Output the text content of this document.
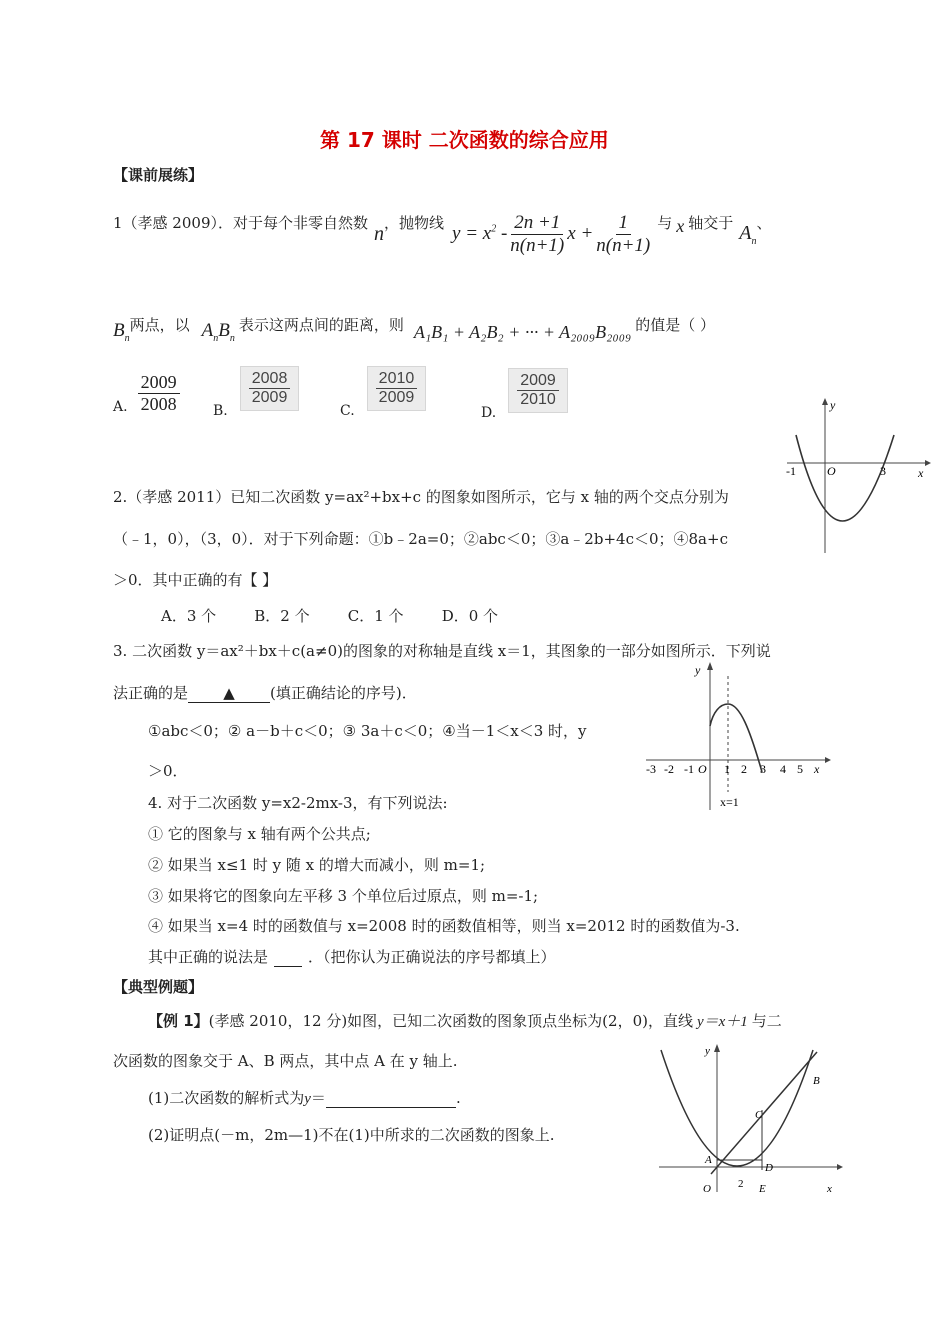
第 17 课时 二次函数的综合应用
【课前展练】
1（孝感 2009）．对于每个非零自然数 n ，抛物线
$y = x^2 - \frac{2n +1}{n(n+1)}$ $x + \frac{1}{n(n+1)}$ 与 x 轴交于 $A_n$
、
$B_n$
两点，以 $A_nB_n$
表示这两点间的距离，则 A₁B₁ + A₂B₂ + ··· + A₂₀₀₉B₂₀₀₉ 的值是（ ）
A. $\frac{2009}{2008} B$. $\frac{2008}{2009}$	C. $\frac{2010}{2009}$
D. $\frac{2009}{2010}$	y
x
O
-1	3
2.（孝感 2011）已知二次函数 y=ax²+bx+c 的图象如图所示，它与 x 轴的两个交点分别为
（﹣1，0），（3，0）．对于下列命题：①b﹣2a=0；②abc＜0；③a﹣2b+4c＜0；④8a+c
＞0．其中正确的有【 】
A．3 个        B．2 个        C．1 个        D．0 个
3. 二次函数 y＝ax²＋bx＋c(a≠0)的图象的对称轴是直线 x＝1，其图象的一部分如图所示．下列说
法正确的是 ▲ (填正确结论的序号)．
①abc＜0；② a－b＋c＜0；③ 3a＋c＜0；④当－1＜x＜3 时，y
＞0．	-3 -2 -1 O 1 2 3 4 5
y
x
x=1
4. 对于二次函数 y=x2-2mx-3，有下列说法:
① 它的图象与 x 轴有两个公共点;
② 如果当 x≤1 时 y 随 x 的增大而减小，则 m=1;
③ 如果将它的图象向左平移 3 个单位后过原点，则 m=-1;
④ 如果当 x=4 时的函数值与 x=2008 时的函数值相等，则当 x=2012 时的函数值为-3.
其中正确的说法是	．（把你认为正确说法的序号都填上）
【典型例题】
【例 1】(孝感 2010，12 分)如图，已知二次函数的图象顶点坐标为(2，0)，直线 y＝x＋1 与二
次函数的图象交于 A、B 两点，其中点 A 在 y 轴上.
(1)二次函数的解析式为y＝	.
(2)证明点(－m，2m—1)不在(1)中所求的二次函数的图象上.
y
x
A
B
C
D
O 2 E
